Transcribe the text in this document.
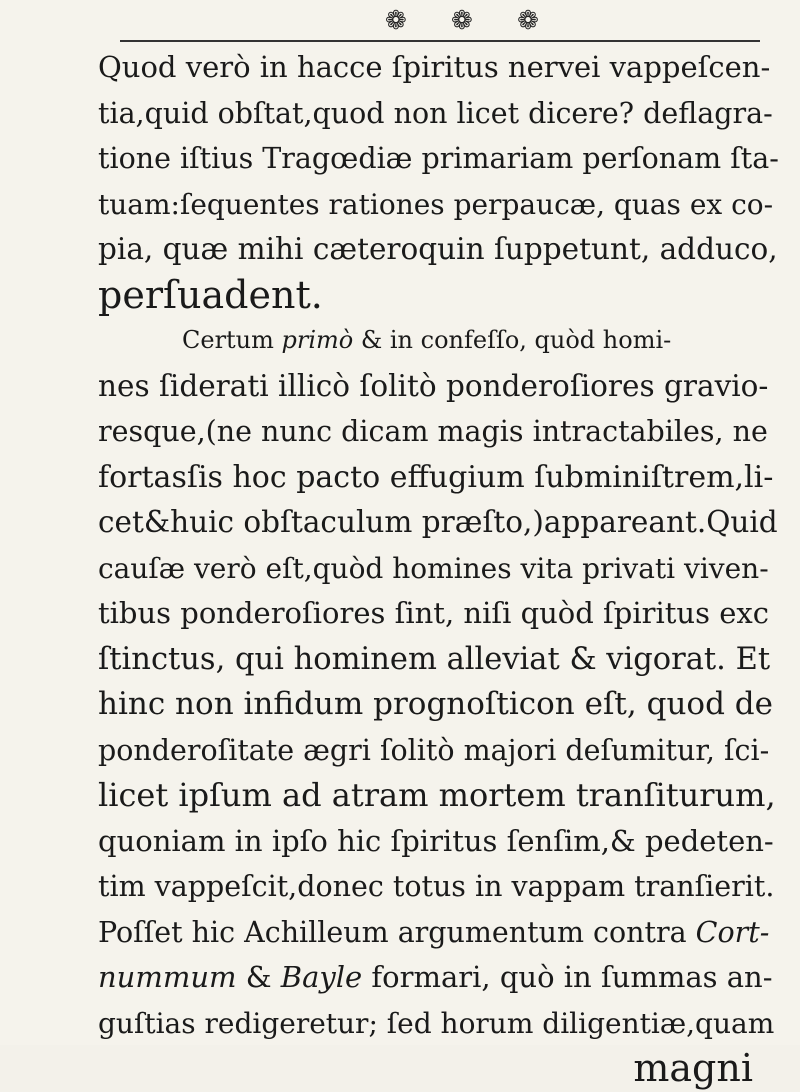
❁ ❁ ❁
Quod verò in hacce ſpiritus nervei vappeſcen-
tia,quid obſtat,quod non licet dicere? deflagra-
tione iſtius Tragœdiæ primariam perſonam ſta-
tuam:ſequentes rationes perpaucæ, quas ex co-
pia, quæ mihi cæteroquin ſuppetunt, adduco,
perſuadent.
Certum primò & in confeſſo, quòd homi-
nes ſiderati illicò ſolitò ponderoſiores gravio-
resque,(ne nunc dicam magis intractabiles, ne
fortasſis hoc pacto effugium ſubminiſtrem,li-
cet&huic obſtaculum præſto,)appareant.Quid
cauſæ verò eſt,quòd homines vita privati viven-
tibus ponderoſiores ſint, niſi quòd ſpiritus exc
ſtinctus, qui hominem alleviat & vigorat. Et
hinc non infidum prognoſticon eſt, quod de
ponderoſitate ægri ſolitò majori deſumitur, ſci-
licet ipſum ad atram mortem tranſiturum,
quoniam in ipſo hic ſpiritus ſenſim,& pedeten-
tim vappeſcit,donec totus in vappam tranſierit.
Poſſet hic Achilleum argumentum contra Cort-
nummum & Bayle formari, quò in ſummas an-
guſtias redigeretur; ſed horum diligentiæ,quam
magni
